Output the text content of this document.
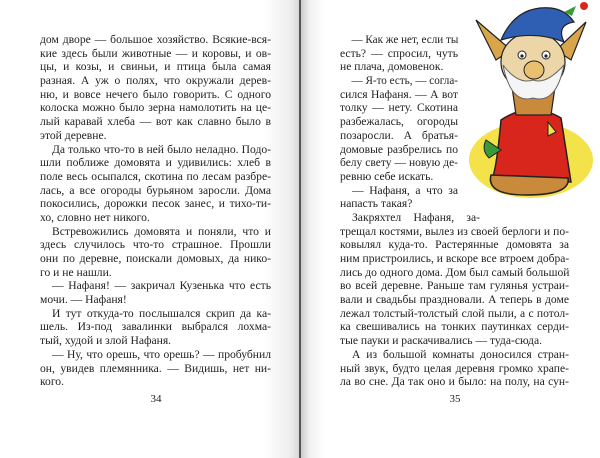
дом дворе — большое хозяйство. Всякие-вся-
кие здесь были животные — и коровы, и ов-
цы, и козы, и свиньи, и птица была самая
разная. А уж о полях, что окружали дерев-
ню, и вовсе нечего было говорить. С одного
колоска можно было зерна намолотить на це-
лый каравай хлеба — вот как славно было в
этой деревне.
Да только что-то в ней было неладно. Подо-
шли поближе домовята и удивились: хлеб в
поле весь осыпался, скотина по лесам разбре-
лась, а все огороды бурьяном заросли. Дома
покосились, дорожки песок занес, и тихо-ти-
хо, словно нет никого.
Встревожились домовята и поняли, что и
здесь случилось что-то страшное. Прошли
они по деревне, поискали домовых, да нико-
го и не нашли.
— Нафаня! — закричал Кузенька что есть
мочи. — Нафаня!
И тут откуда-то послышался скрип да ка-
шель. Из-под завалинки выбрался лохма-
тый, худой и злой Нафаня.
— Ну, что орешь, что орешь? — пробубнил
он, увидев племянника. — Видишь, нет ни-
кого.
34
— Как же нет, если ты
есть? — спросил, чуть
не плача, домовенок.
— Я-то есть, — согла-
сился Нафаня. — А вот
толку — нету. Скотина
разбежалась, огороды
позаросли. А братья-
домовые разбрелись по
белу свету — новую де-
ревню себе искать.
— Нафаня, а что за
напасть такая?
Закряхтел Нафаня, за-
трещал костями, вылез из своей берлоги и по-
ковылял куда-то. Растерянные домовята за
ним пристроились, и вскоре все втроем добра-
лись до одного дома. Дом был самый большой
во всей деревне. Раньше там гулянья устраи-
вали и свадьбы праздновали. А теперь в доме
лежал толстый-толстый слой пыли, а с потол-
ка свешивались на тонких паутинках серди-
тые пауки и раскачивались — туда-сюда.
А из большой комнаты доносился стран-
ный звук, будто целая деревня громко храпе-
ла во сне. Да так оно и было: на полу, на сун-
35
